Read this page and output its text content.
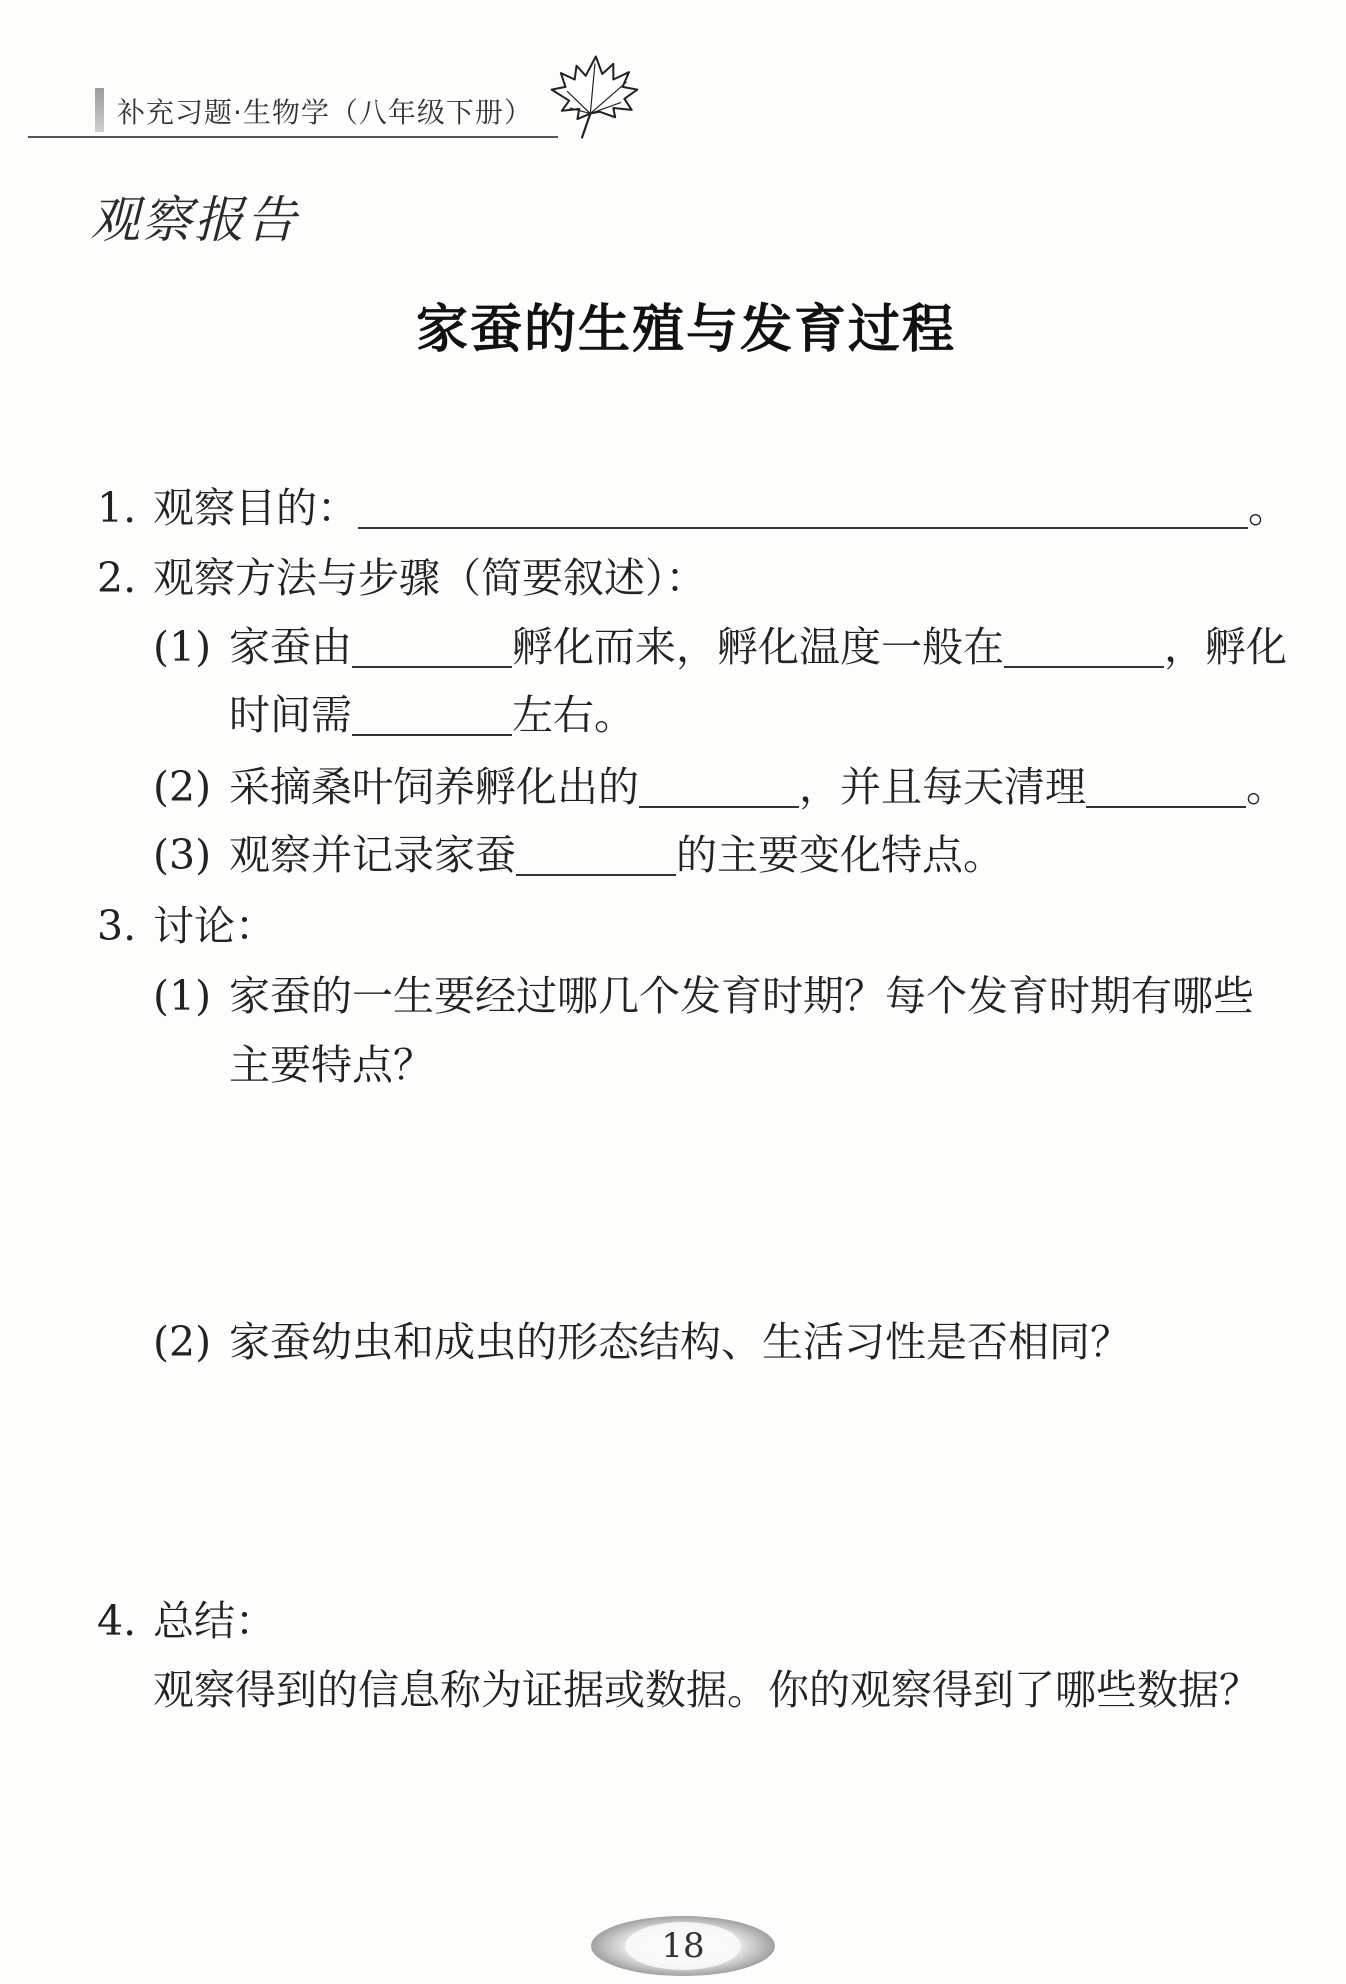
补充习题·生物学（八年级下册）
观察报告
家蚕的生殖与发育过程
1. 观察目的：	。
2. 观察方法与步骤（简要叙述）：
(1) 家蚕由	孵化而来，孵化温度一般在	，孵化
时间需	左右。
(2) 采摘桑叶饲养孵化出的	，并且每天清理	。
(3) 观察并记录家蚕	的主要变化特点。
3. 讨论：
(1) 家蚕的一生要经过哪几个发育时期？每个发育时期有哪些
主要特点？
(2) 家蚕幼虫和成虫的形态结构、生活习性是否相同？
4. 总结：
观察得到的信息称为证据或数据。你的观察得到了哪些数据？
18
